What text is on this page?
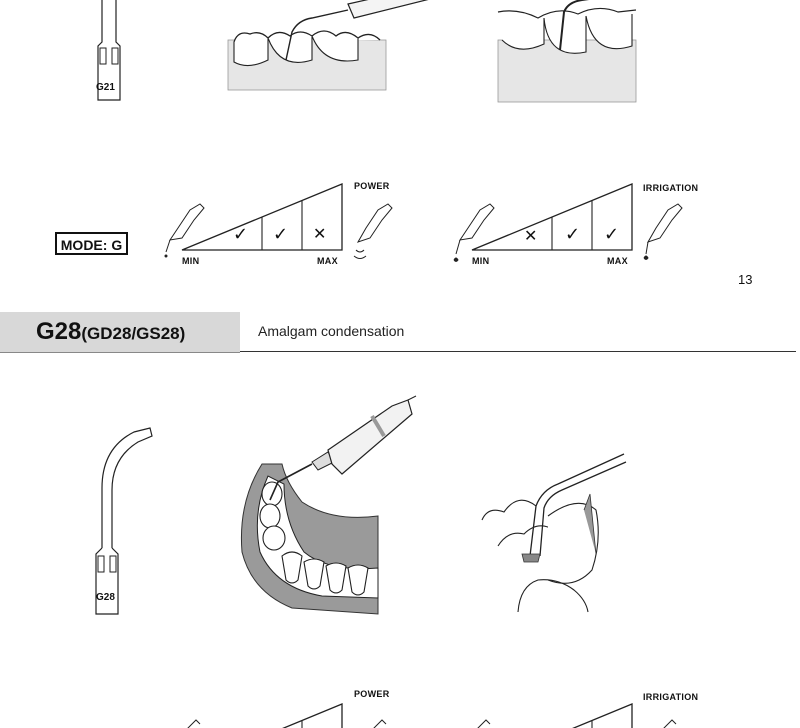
G21
MODE: G
POWER
MIN	MAX
✓ ✓ ✕
IRRIGATION
MIN	MAX
✕ ✓ ✓
13
G28(GD28/GS28)	Amalgam condensation
G28
POWER	IRRIGATION
